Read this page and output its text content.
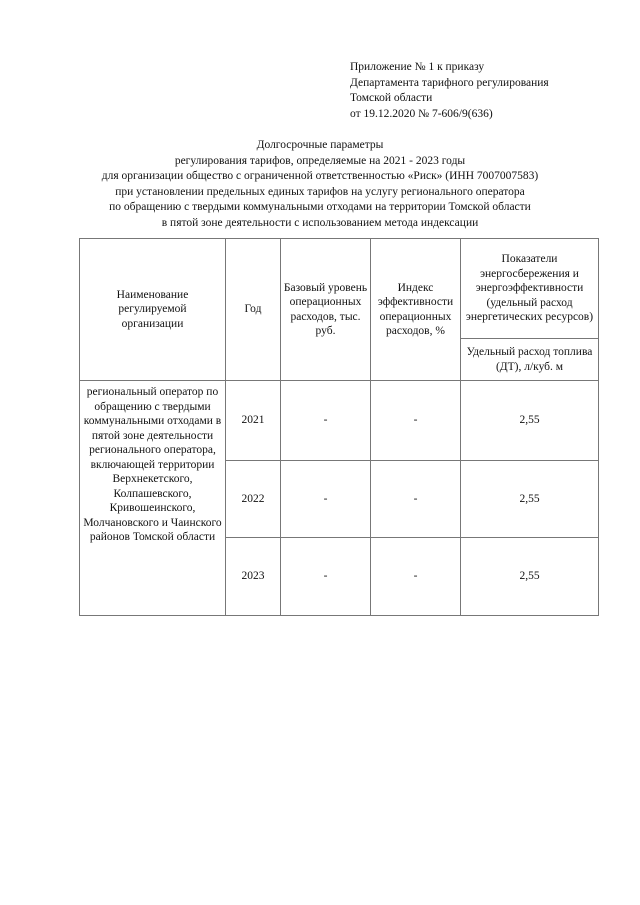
Приложение № 1 к приказу
Департамента тарифного регулирования
Томской области
от 19.12.2020 № 7-606/9(636)
Долгосрочные параметры
регулирования тарифов, определяемые на 2021 - 2023 годы
для организации общество с ограниченной ответственностью «Риск» (ИНН 7007007583)
при установлении предельных единых тарифов на услугу регионального оператора
по обращению с твердыми коммунальными отходами на территории Томской области
в пятой зоне деятельности с использованием метода индексации
Наименование регулируемой организации	Год	Базовый уровень операционных расходов, тыс. руб.	Индекс эффективности операционных расходов, %	Показатели энергосбережения и энергоэффективности (удельный расход энергетических ресурсов)
				Удельный расход топлива (ДТ), л/куб. м
региональный оператор по обращению с твердыми коммунальными отходами в пятой зоне деятельности регионального оператора, включающей территории Верхнекетского, Колпашевского, Кривошеинского, Молчановского и Чаинского районов Томской области	2021	-	-	2,55
	2022	-	-	2,55
	2023	-	-	2,55
